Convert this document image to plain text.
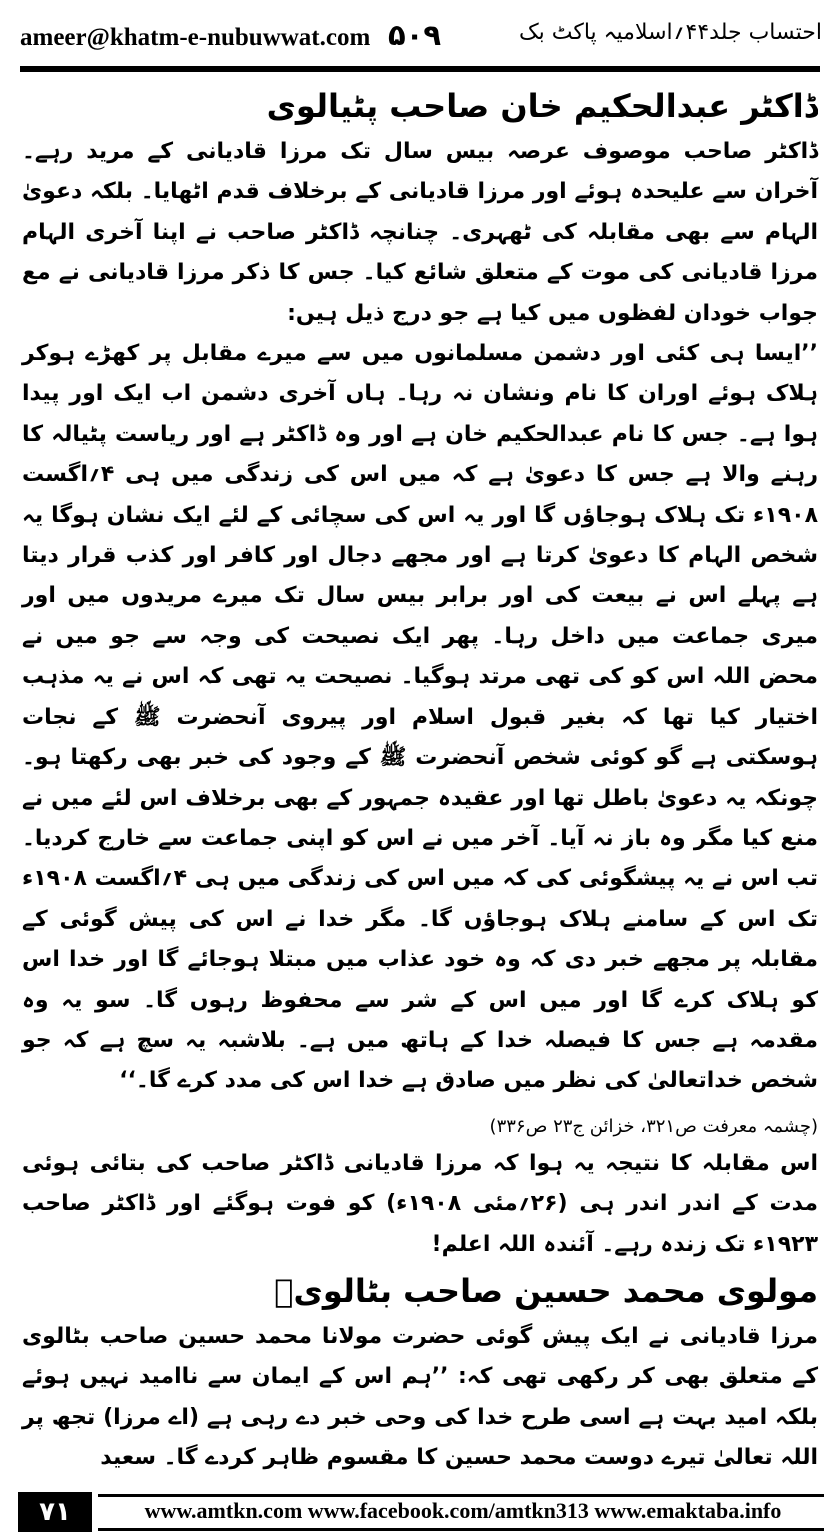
ameer@khatm-e-nubuwwat.com ۵۰۹	احتساب جلد۴۴؍اسلامیہ پاکٹ بک
ڈاکٹر عبدالحکیم خان صاحب پٹیالوی

ڈاکٹر صاحب موصوف عرصہ بیس سال تک مرزا قادیانی کے مرید رہے۔ آخران سے علیحدہ ہوئے اور مرزا قادیانی کے برخلاف قدم اٹھایا۔ بلکہ دعویٰ الہام سے بھی مقابلہ کی ٹھہری۔ چنانچہ ڈاکٹر صاحب نے اپنا آخری الہام مرزا قادیانی کی موت کے متعلق شائع کیا۔ جس کا ذکر مرزا قادیانی نے مع جواب خودان لفظوں میں کیا ہے جو درج ذیل ہیں:

’’ایسا ہی کئی اور دشمن مسلمانوں میں سے میرے مقابل پر کھڑے ہوکر ہلاک ہوئے اوران کا نام ونشان نہ رہا۔ ہاں آخری دشمن اب ایک اور پیدا ہوا ہے۔ جس کا نام عبدالحکیم خان ہے اور وہ ڈاکٹر ہے اور ریاست پٹیالہ کا رہنے والا ہے جس کا دعویٰ ہے کہ میں اس کی زندگی میں ہی ۴؍اگست ۱۹۰۸ء تک ہلاک ہوجاؤں گا اور یہ اس کی سچائی کے لئے ایک نشان ہوگا یہ شخص الہام کا دعویٰ کرتا ہے اور مجھے دجال اور کافر اور کذب قرار دیتا ہے پہلے اس نے بیعت کی اور برابر بیس سال تک میرے مریدوں میں اور میری جماعت میں داخل رہا۔ پھر ایک نصیحت کی وجہ سے جو میں نے محض اللہ اس کو کی تھی مرتد ہوگیا۔ نصیحت یہ تھی کہ اس نے یہ مذہب اختیار کیا تھا کہ بغیر قبول اسلام اور پیروی آنحضرت ﷺ کے نجات ہوسکتی ہے گو کوئی شخص آنحضرت ﷺ کے وجود کی خبر بھی رکھتا ہو۔ چونکہ یہ دعویٰ باطل تھا اور عقیدہ جمہور کے بھی برخلاف اس لئے میں نے منع کیا مگر وہ باز نہ آیا۔ آخر میں نے اس کو اپنی جماعت سے خارج کردیا۔ تب اس نے یہ پیشگوئی کی کہ میں اس کی زندگی میں ہی ۴؍اگست ۱۹۰۸ء تک اس کے سامنے ہلاک ہوجاؤں گا۔ مگر خدا نے اس کی پیش گوئی کے مقابلہ پر مجھے خبر دی کہ وہ خود عذاب میں مبتلا ہوجائے گا اور خدا اس کو ہلاک کرے گا اور میں اس کے شر سے محفوظ رہوں گا۔ سو یہ وہ مقدمہ ہے جس کا فیصلہ خدا کے ہاتھ میں ہے۔ بلاشبہ یہ سچ ہے کہ جو شخص خداتعالیٰ کی نظر میں صادق ہے خدا اس کی مدد کرے گا۔‘‘

(چشمہ معرفت ص۳۲۱، خزائن ج۲۳ ص۳۳۶)

اس مقابلہ کا نتیجہ یہ ہوا کہ مرزا قادیانی ڈاکٹر صاحب کی بتائی ہوئی مدت کے اندر اندر ہی (۲۶؍مئی ۱۹۰۸ء) کو فوت ہوگئے اور ڈاکٹر صاحب ۱۹۲۳ء تک زندہ رہے۔ آئندہ اللہ اعلم!

مولوی محمد حسین صاحب بٹالویؒ

مرزا قادیانی نے ایک پیش گوئی حضرت مولانا محمد حسین صاحب بٹالوی کے متعلق بھی کر رکھی تھی کہ: ’’ہم اس کے ایمان سے ناامید نہیں ہوئے بلکہ امید بہت ہے اسی طرح خدا کی وحی خبر دے رہی ہے (اے مرزا) تجھ پر اللہ تعالیٰ تیرے دوست محمد حسین کا مقسوم ظاہر کردے گا۔ سعید

۷۱	www.amtkn.com www.facebook.com/amtkn313 www.emaktaba.info
